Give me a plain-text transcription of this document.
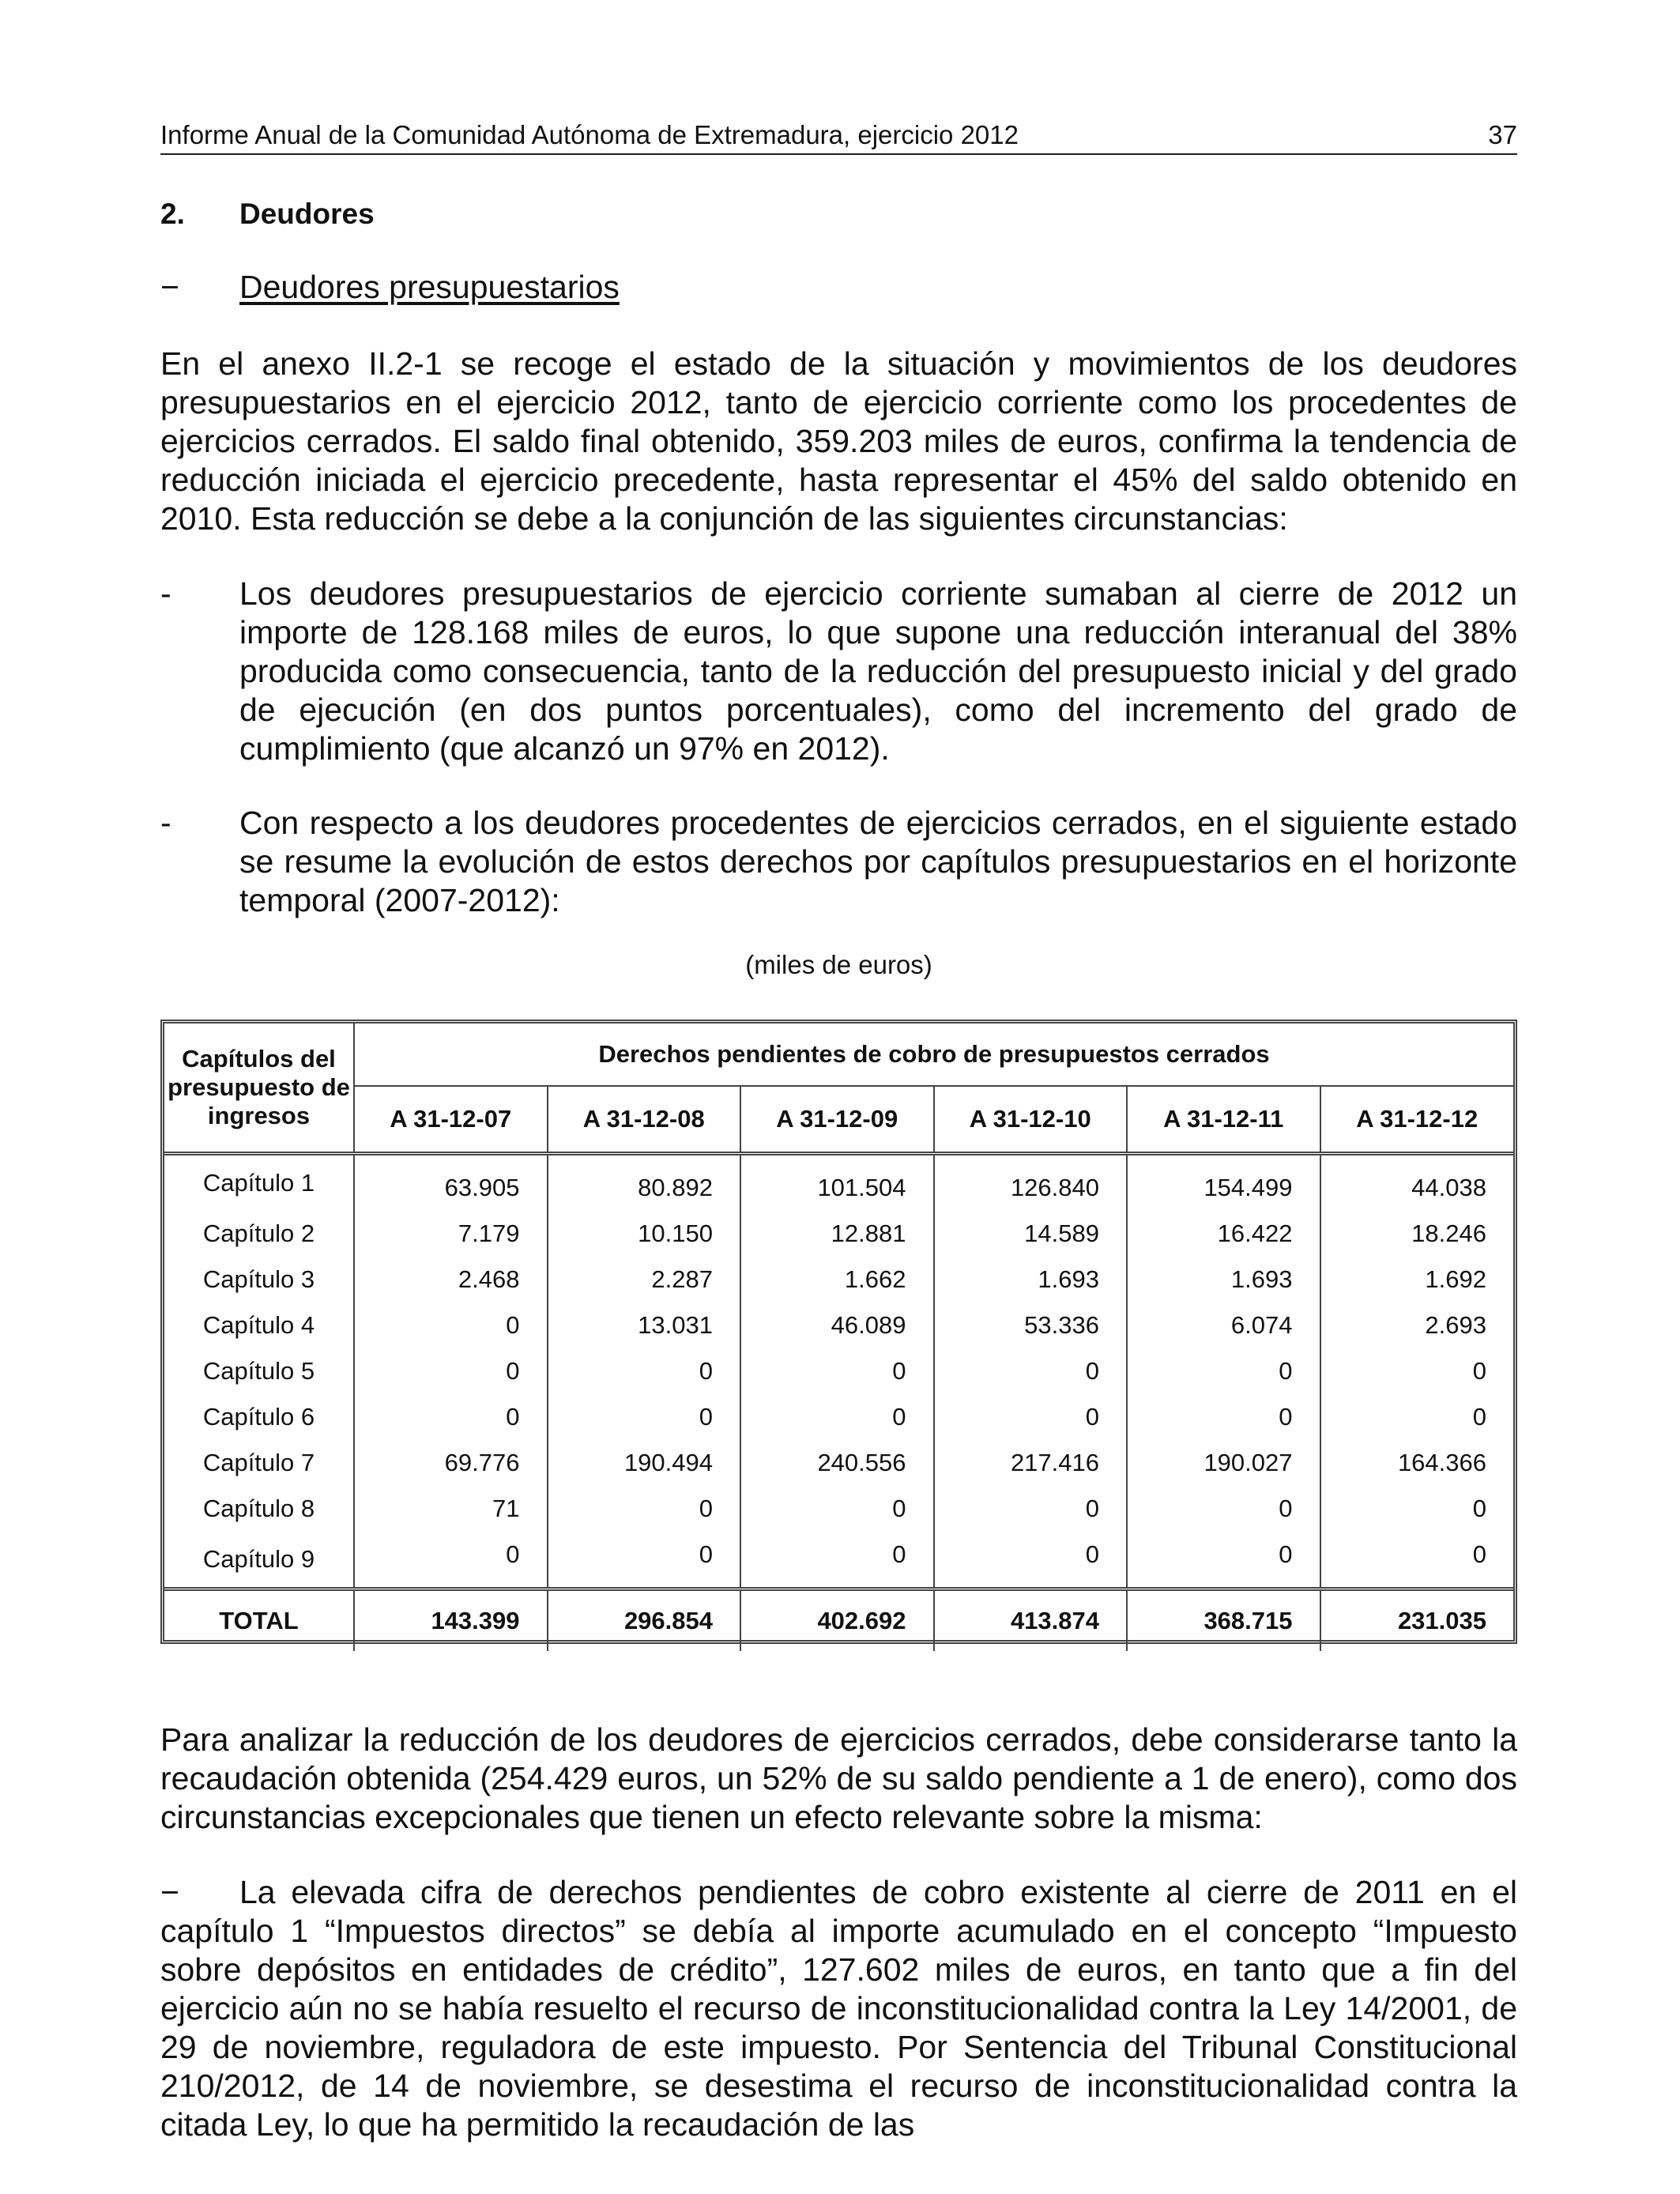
Informe Anual de la Comunidad Autónoma de Extremadura, ejercicio 2012	37
2. Deudores
− Deudores presupuestarios

En el anexo II.2-1 se recoge el estado de la situación y movimientos de los deudores presupuestarios en el ejercicio 2012, tanto de ejercicio corriente como los procedentes de ejercicios cerrados. El saldo final obtenido, 359.203 miles de euros, confirma la tendencia de reducción iniciada el ejercicio precedente, hasta representar el 45% del saldo obtenido en 2010. Esta reducción se debe a la conjunción de las siguientes circunstancias:

- Los deudores presupuestarios de ejercicio corriente sumaban al cierre de 2012 un importe de 128.168 miles de euros, lo que supone una reducción interanual del 38% producida como consecuencia, tanto de la reducción del presupuesto inicial y del grado de ejecución (en dos puntos porcentuales), como del incremento del grado de cumplimiento (que alcanzó un 97% en 2012).

- Con respecto a los deudores procedentes de ejercicios cerrados, en el siguiente estado se resume la evolución de estos derechos por capítulos presupuestarios en el horizonte temporal (2007-2012):

(miles de euros)
Capítulos del presupuesto de ingresos	Derechos pendientes de cobro de presupuestos cerrados					
	A 31-12-07	A 31-12-08	A 31-12-09	A 31-12-10	A 31-12-11	A 31-12-12
Capítulo 1	63.905	80.892	101.504	126.840	154.499	44.038
Capítulo 2	7.179	10.150	12.881	14.589	16.422	18.246
Capítulo 3	2.468	2.287	1.662	1.693	1.693	1.692
Capítulo 4	0	13.031	46.089	53.336	6.074	2.693
Capítulo 5	0	0	0	0	0	0
Capítulo 6	0	0	0	0	0	0
Capítulo 7	69.776	190.494	240.556	217.416	190.027	164.366
Capítulo 8	71	0	0	0	0	0
Capítulo 9	0	0	0	0	0	0
TOTAL	143.399	296.854	402.692	413.874	368.715	231.035

Para analizar la reducción de los deudores de ejercicios cerrados, debe considerarse tanto la recaudación obtenida (254.429 euros, un 52% de su saldo pendiente a 1 de enero), como dos circunstancias excepcionales que tienen un efecto relevante sobre la misma:

−	La elevada cifra de derechos pendientes de cobro existente al cierre de 2011 en el capítulo 1 “Impuestos directos” se debía al importe acumulado en el concepto “Impuesto sobre depósitos en entidades de crédito”, 127.602 miles de euros, en tanto que a fin del ejercicio aún no se había resuelto el recurso de inconstitucionalidad contra la Ley 14/2001, de 29 de noviembre, reguladora de este impuesto. Por Sentencia del Tribunal Constitucional 210/2012, de 14 de noviembre, se desestima el recurso de inconstitucionalidad contra la citada Ley, lo que ha permitido la recaudación de las
